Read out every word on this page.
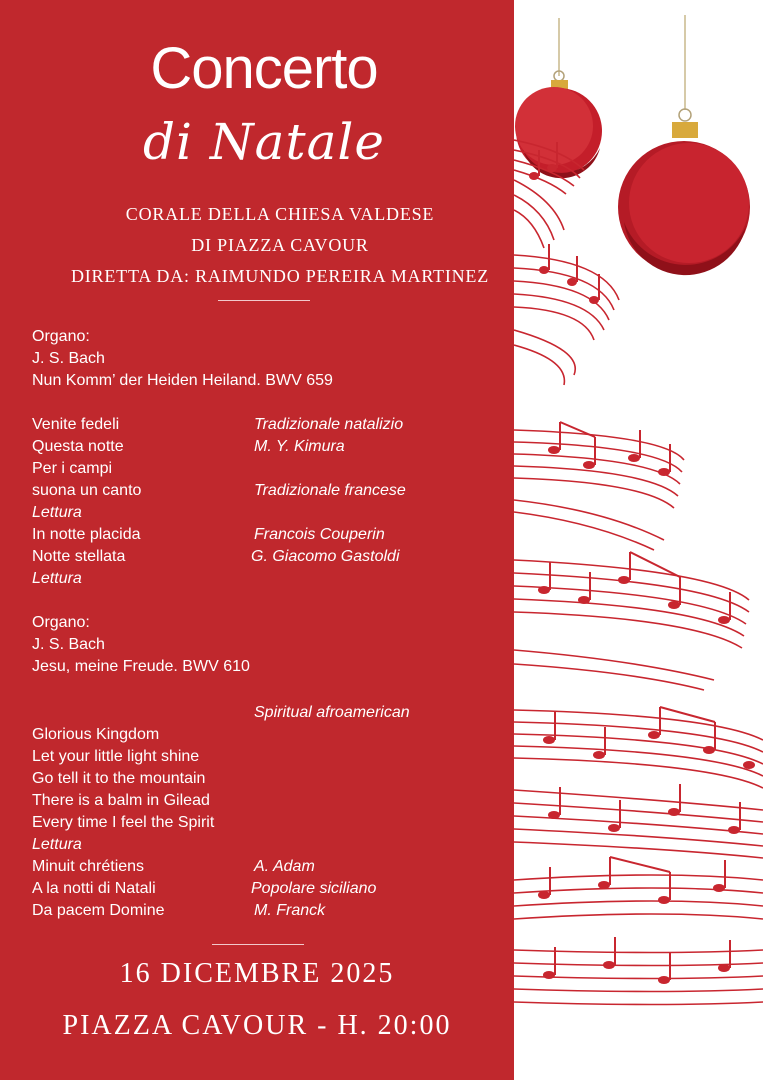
Concerto
di Natale
CORALE DELLA CHIESA VALDESE
DI PIAZZA CAVOUR
DIRETTA DA: RAIMUNDO PEREIRA MARTINEZ
Organo:
J. S. Bach
Nun Komm’ der Heiden Heiland. BWV 659
Venite fedeli	Tradizionale natalizio
Questa notte	M. Y. Kimura
Per i campi
suona un canto	Tradizionale francese
Lettura
In notte placida	Francois Couperin
Notte stellata	G. Giacomo Gastoldi
Lettura
Organo:
J. S. Bach
Jesu, meine Freude. BWV 610
Spiritual afroamerican
Glorious Kingdom
Let your little light shine
Go tell it to the mountain
There is a balm in Gilead
Every time I feel the Spirit
Lettura
Minuit chrétiens	A. Adam
A la notti di Natali	Popolare siciliano
Da pacem Domine	M. Franck
16 DICEMBRE 2025
PIAZZA CAVOUR - H. 20:00
